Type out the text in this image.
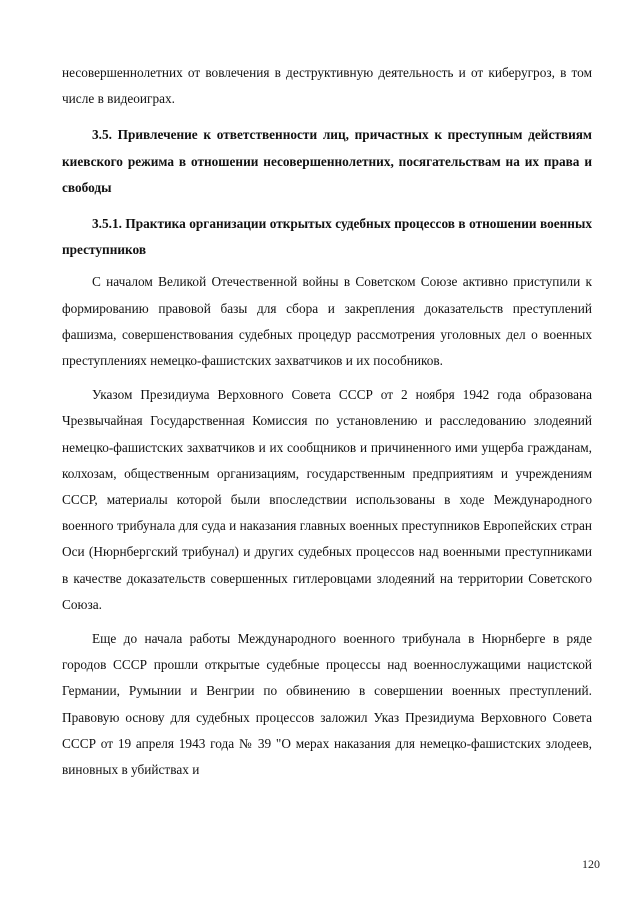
несовершеннолетних от вовлечения в деструктивную деятельность и от киберугроз, в том числе в видеоиграх.

3.5. Привлечение к ответственности лиц, причастных к преступным действиям киевского режима в отношении несовершеннолетних, посягательствам на их права и свободы

3.5.1. Практика организации открытых судебных процессов в отношении военных преступников

С началом Великой Отечественной войны в Советском Союзе активно приступили к формированию правовой базы для сбора и закрепления доказательств преступлений фашизма, совершенствования судебных процедур рассмотрения уголовных дел о военных преступлениях немецко-фашистских захватчиков и их пособников.

Указом Президиума Верховного Совета СССР от 2 ноября 1942 года образована Чрезвычайная Государственная Комиссия по установлению и расследованию злодеяний немецко-фашистских захватчиков и их сообщников и причиненного ими ущерба гражданам, колхозам, общественным организациям, государственным предприятиям и учреждениям СССР, материалы которой были впоследствии использованы в ходе Международного военного трибунала для суда и наказания главных военных преступников Европейских стран Оси (Нюрнбергский трибунал) и других судебных процессов над военными преступниками в качестве доказательств совершенных гитлеровцами злодеяний на территории Советского Союза.

Еще до начала работы Международного военного трибунала в Нюрнберге в ряде городов СССР прошли открытые судебные процессы над военнослужащими нацистской Германии, Румынии и Венгрии по обвинению в совершении военных преступлений. Правовую основу для судебных процессов заложил Указ Президиума Верховного Совета СССР от 19 апреля 1943 года № 39 "О мерах наказания для немецко-фашистских злодеев, виновных в убийствах и

120
